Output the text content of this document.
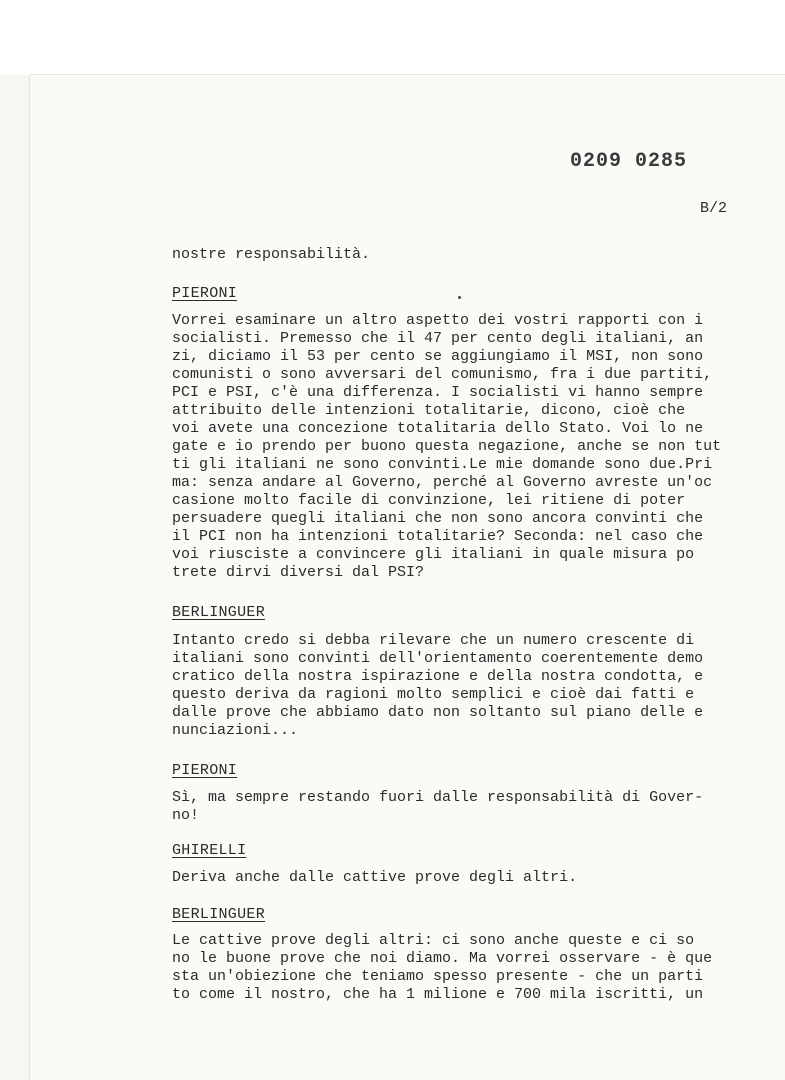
0209 0285
B/2
nostre responsabilità.
PIERONI
Vorrei esaminare un altro aspetto dei vostri rapporti con i
socialisti. Premesso che il 47 per cento degli italiani, an
zi, diciamo il 53 per cento se aggiungiamo il MSI, non sono
comunisti o sono avversari del comunismo, fra i due partiti,
PCI e PSI, c'è una differenza. I socialisti vi hanno sempre
attribuito delle intenzioni totalitarie, dicono, cioè che
voi avete una concezione totalitaria dello Stato. Voi lo ne
gate e io prendo per buono questa negazione, anche se non tut
ti gli italiani ne sono convinti.Le mie domande sono due.Pri
ma: senza andare al Governo, perché al Governo avreste un'oc
casione molto facile di convinzione, lei ritiene di poter
persuadere quegli italiani che non sono ancora convinti che
il PCI non ha intenzioni totalitarie? Seconda: nel caso che
voi riusciste a convincere gli italiani in quale misura po
trete dirvi diversi dal PSI?
BERLINGUER
Intanto credo si debba rilevare che un numero crescente di
italiani sono convinti dell'orientamento coerentemente demo
cratico della nostra ispirazione e della nostra condotta, e
questo deriva da ragioni molto semplici e cioè dai fatti e
dalle prove che abbiamo dato non soltanto sul piano delle e
nunciazioni...
PIERONI
Sì, ma sempre restando fuori dalle responsabilità di Gover-
no!
GHIRELLI
Deriva anche dalle cattive prove degli altri.
BERLINGUER
Le cattive prove degli altri: ci sono anche queste e ci so
no le buone prove che noi diamo. Ma vorrei osservare - è que
sta un'obiezione che teniamo spesso presente - che un parti
to come il nostro, che ha 1 milione e 700 mila iscritti, un
